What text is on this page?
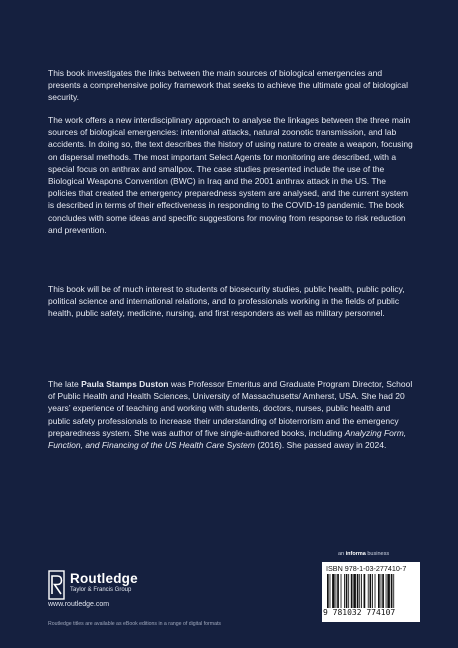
This book investigates the links between the main sources of biological emergencies and presents a comprehensive policy framework that seeks to achieve the ultimate goal of biological security.

The work offers a new interdisciplinary approach to analyse the linkages between the three main sources of biological emergencies: intentional attacks, natural zoonotic transmission, and lab accidents. In doing so, the text describes the history of using nature to create a weapon, focusing on dispersal methods. The most important Select Agents for monitoring are described, with a special focus on anthrax and smallpox. The case studies presented include the use of the Biological Weapons Convention (BWC) in Iraq and the 2001 anthrax attack in the US. The policies that created the emergency preparedness system are analysed, and the current system is described in terms of their effectiveness in responding to the COVID-19 pandemic. The book concludes with some ideas and specific suggestions for moving from response to risk reduction and prevention.

This book will be of much interest to students of biosecurity studies, public health, public policy, political science and international relations, and to professionals working in the fields of public health, public safety, medicine, nursing, and first responders as well as military personnel.

The late Paula Stamps Duston was Professor Emeritus and Graduate Program Director, School of Public Health and Health Sciences, University of Massachusetts/ Amherst, USA. She had 20 years’ experience of teaching and working with students, doctors, nurses, public health and public safety professionals to increase their understanding of bioterrorism and the emergency preparedness system. She was author of five single-authored books, including Analyzing Form, Function, and Financing of the US Health Care System (2016). She passed away in 2024.

Routledge
Taylor & Francis Group
www.routledge.com
Routledge titles are available as eBook editions in a range of digital formats
an informa business
ISBN 978-1-03-277410-7
9 781032 774107
